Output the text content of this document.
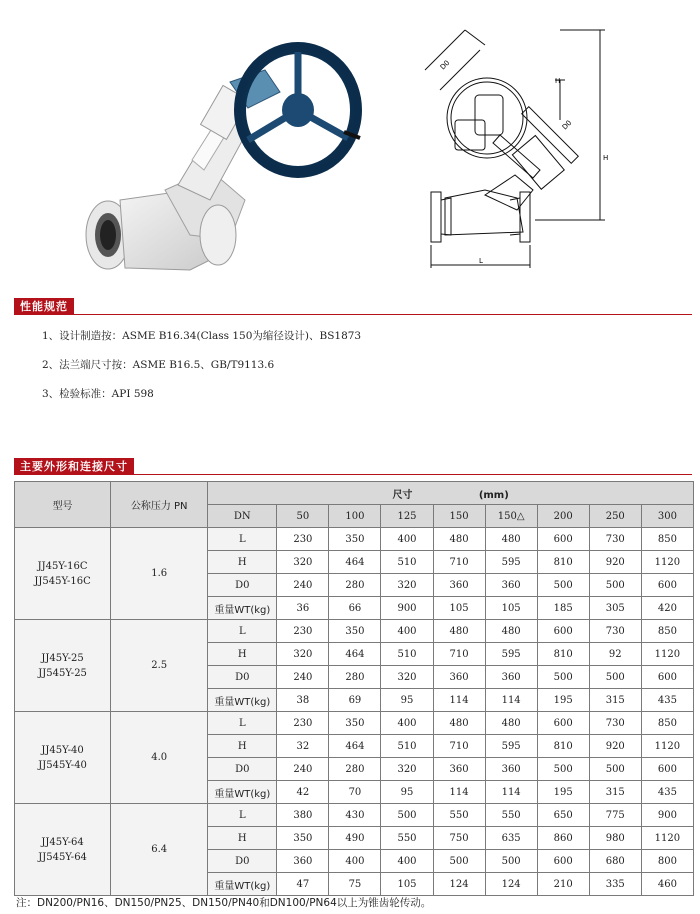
D0
H
D0
H
L
性能规范
1、设计制造按：ASME B16.34(Class 150为缩径设计)、BS1873
2、法兰端尺寸按：ASME B16.5、GB/T9113.6
3、检验标准：API 598
主要外形和连接尺寸
型号	公称压力 PN	尺寸 (mm)								
		DN	50	100	125	150	150△	200	250	300

JJ45Y-16C
JJ545Y-16C	1.6	L	230	350	400	480	480	600	730	850
		H	320	464	510	710	595	810	920	1120
		D0	240	280	320	360	360	500	500	600
		重量WT(kg)	36	66	900	105	105	185	305	420

JJ45Y-25
JJ545Y-25	2.5	L	230	350	400	480	480	600	730	850
		H	320	464	510	710	595	810	92	1120
		D0	240	280	320	360	360	500	500	600
		重量WT(kg)	38	69	95	114	114	195	315	435

JJ45Y-40
JJ545Y-40	4.0	L	230	350	400	480	480	600	730	850
		H	32	464	510	710	595	810	920	1120
		D0	240	280	320	360	360	500	500	600
		重量WT(kg)	42	70	95	114	114	195	315	435

JJ45Y-64
JJ545Y-64	6.4	L	380	430	500	550	550	650	775	900
		H	350	490	550	750	635	860	980	1120
		D0	360	400	400	500	500	600	680	800
		重量WT(kg)	47	75	105	124	124	210	335	460
注：DN200/PN16、DN150/PN25、DN150/PN40和DN100/PN64以上为锥齿轮传动。
